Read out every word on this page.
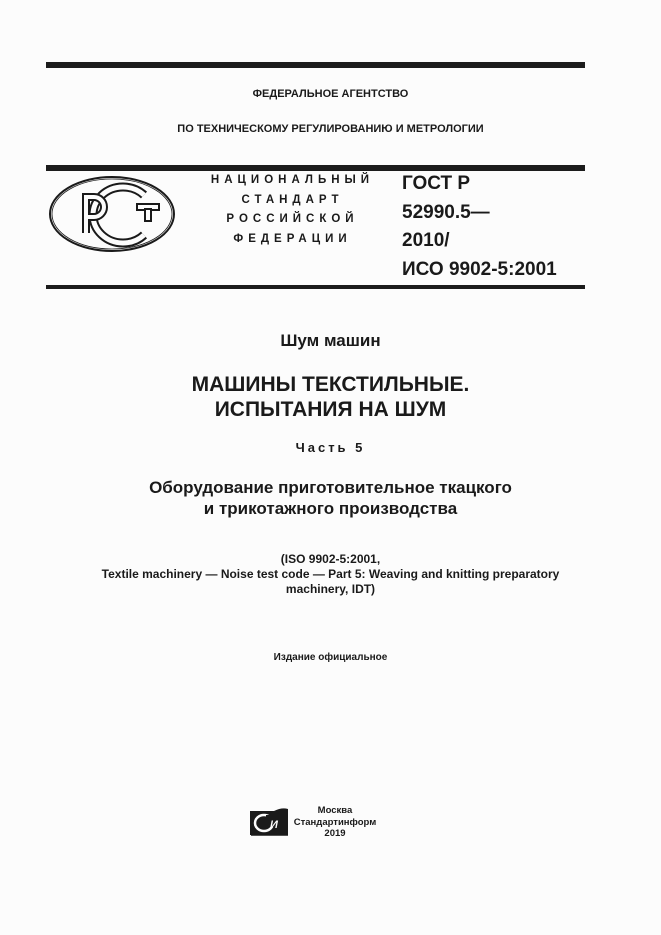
ФЕДЕРАЛЬНОЕ АГЕНТСТВО
ПО ТЕХНИЧЕСКОМУ РЕГУЛИРОВАНИЮ И МЕТРОЛОГИИ
НАЦИОНАЛЬНЫЙ
СТАНДАРТ
РОССИЙСКОЙ
ФЕДЕРАЦИИ
ГОСТ Р
52990.5—
2010/
ИСО 9902-5:2001
Шум машин
МАШИНЫ ТЕКСТИЛЬНЫЕ.
ИСПЫТАНИЯ НА ШУМ
Часть 5
Оборудование приготовительное ткацкого
и трикотажного производства
(ISO 9902-5:2001,
Textile machinery — Noise test code — Part 5: Weaving and knitting preparatory
machinery, IDT)
Издание официальное
И
Москва
Стандартинформ
2019
